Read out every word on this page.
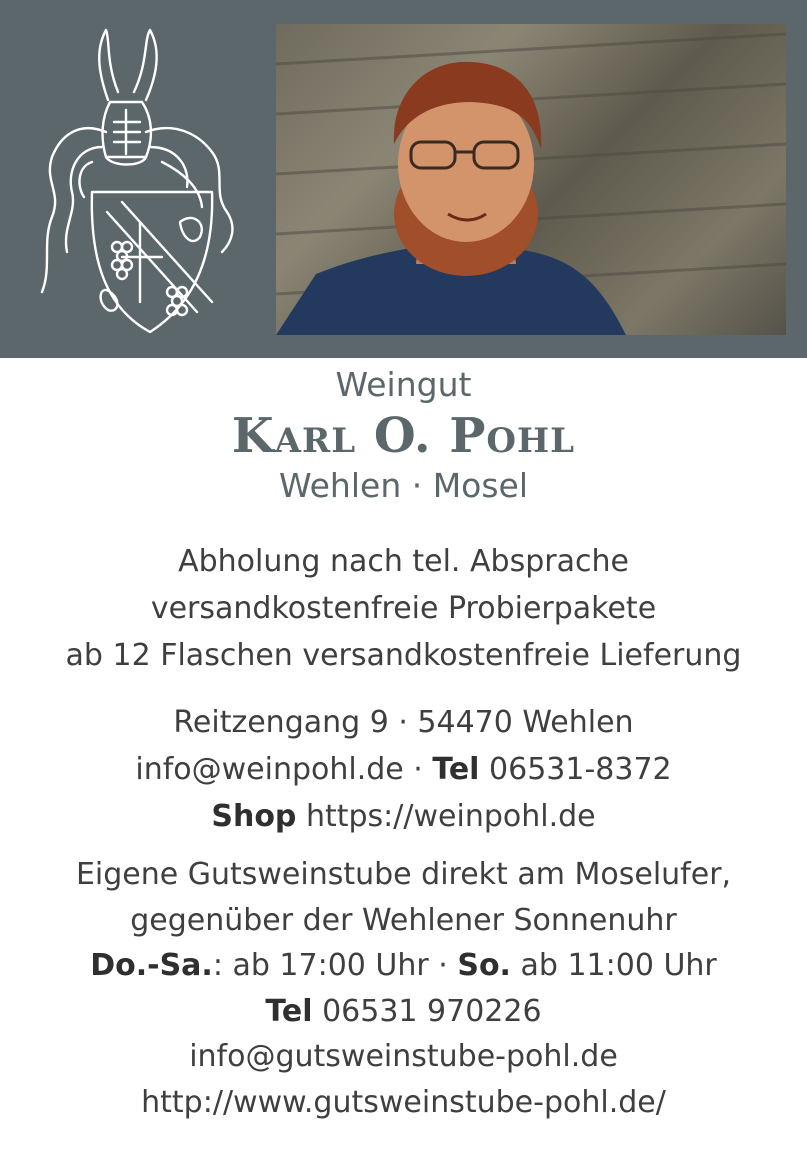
Weingut
Karl O. Pohl
Wehlen · Mosel
Abholung nach tel. Absprache
versandkostenfreie Probierpakete
ab 12 Flaschen versandkostenfreie Lieferung
Reitzengang 9 · 54470 Wehlen
info@weinpohl.de · Tel 06531-8372
Shop https://weinpohl.de
Eigene Gutsweinstube direkt am Moselufer,
gegenüber der Wehlener Sonnenuhr
Do.-Sa.: ab 17:00 Uhr · So. ab 11:00 Uhr
Tel 06531 970226
info@gutsweinstube-pohl.de
http://www.gutsweinstube-pohl.de/
